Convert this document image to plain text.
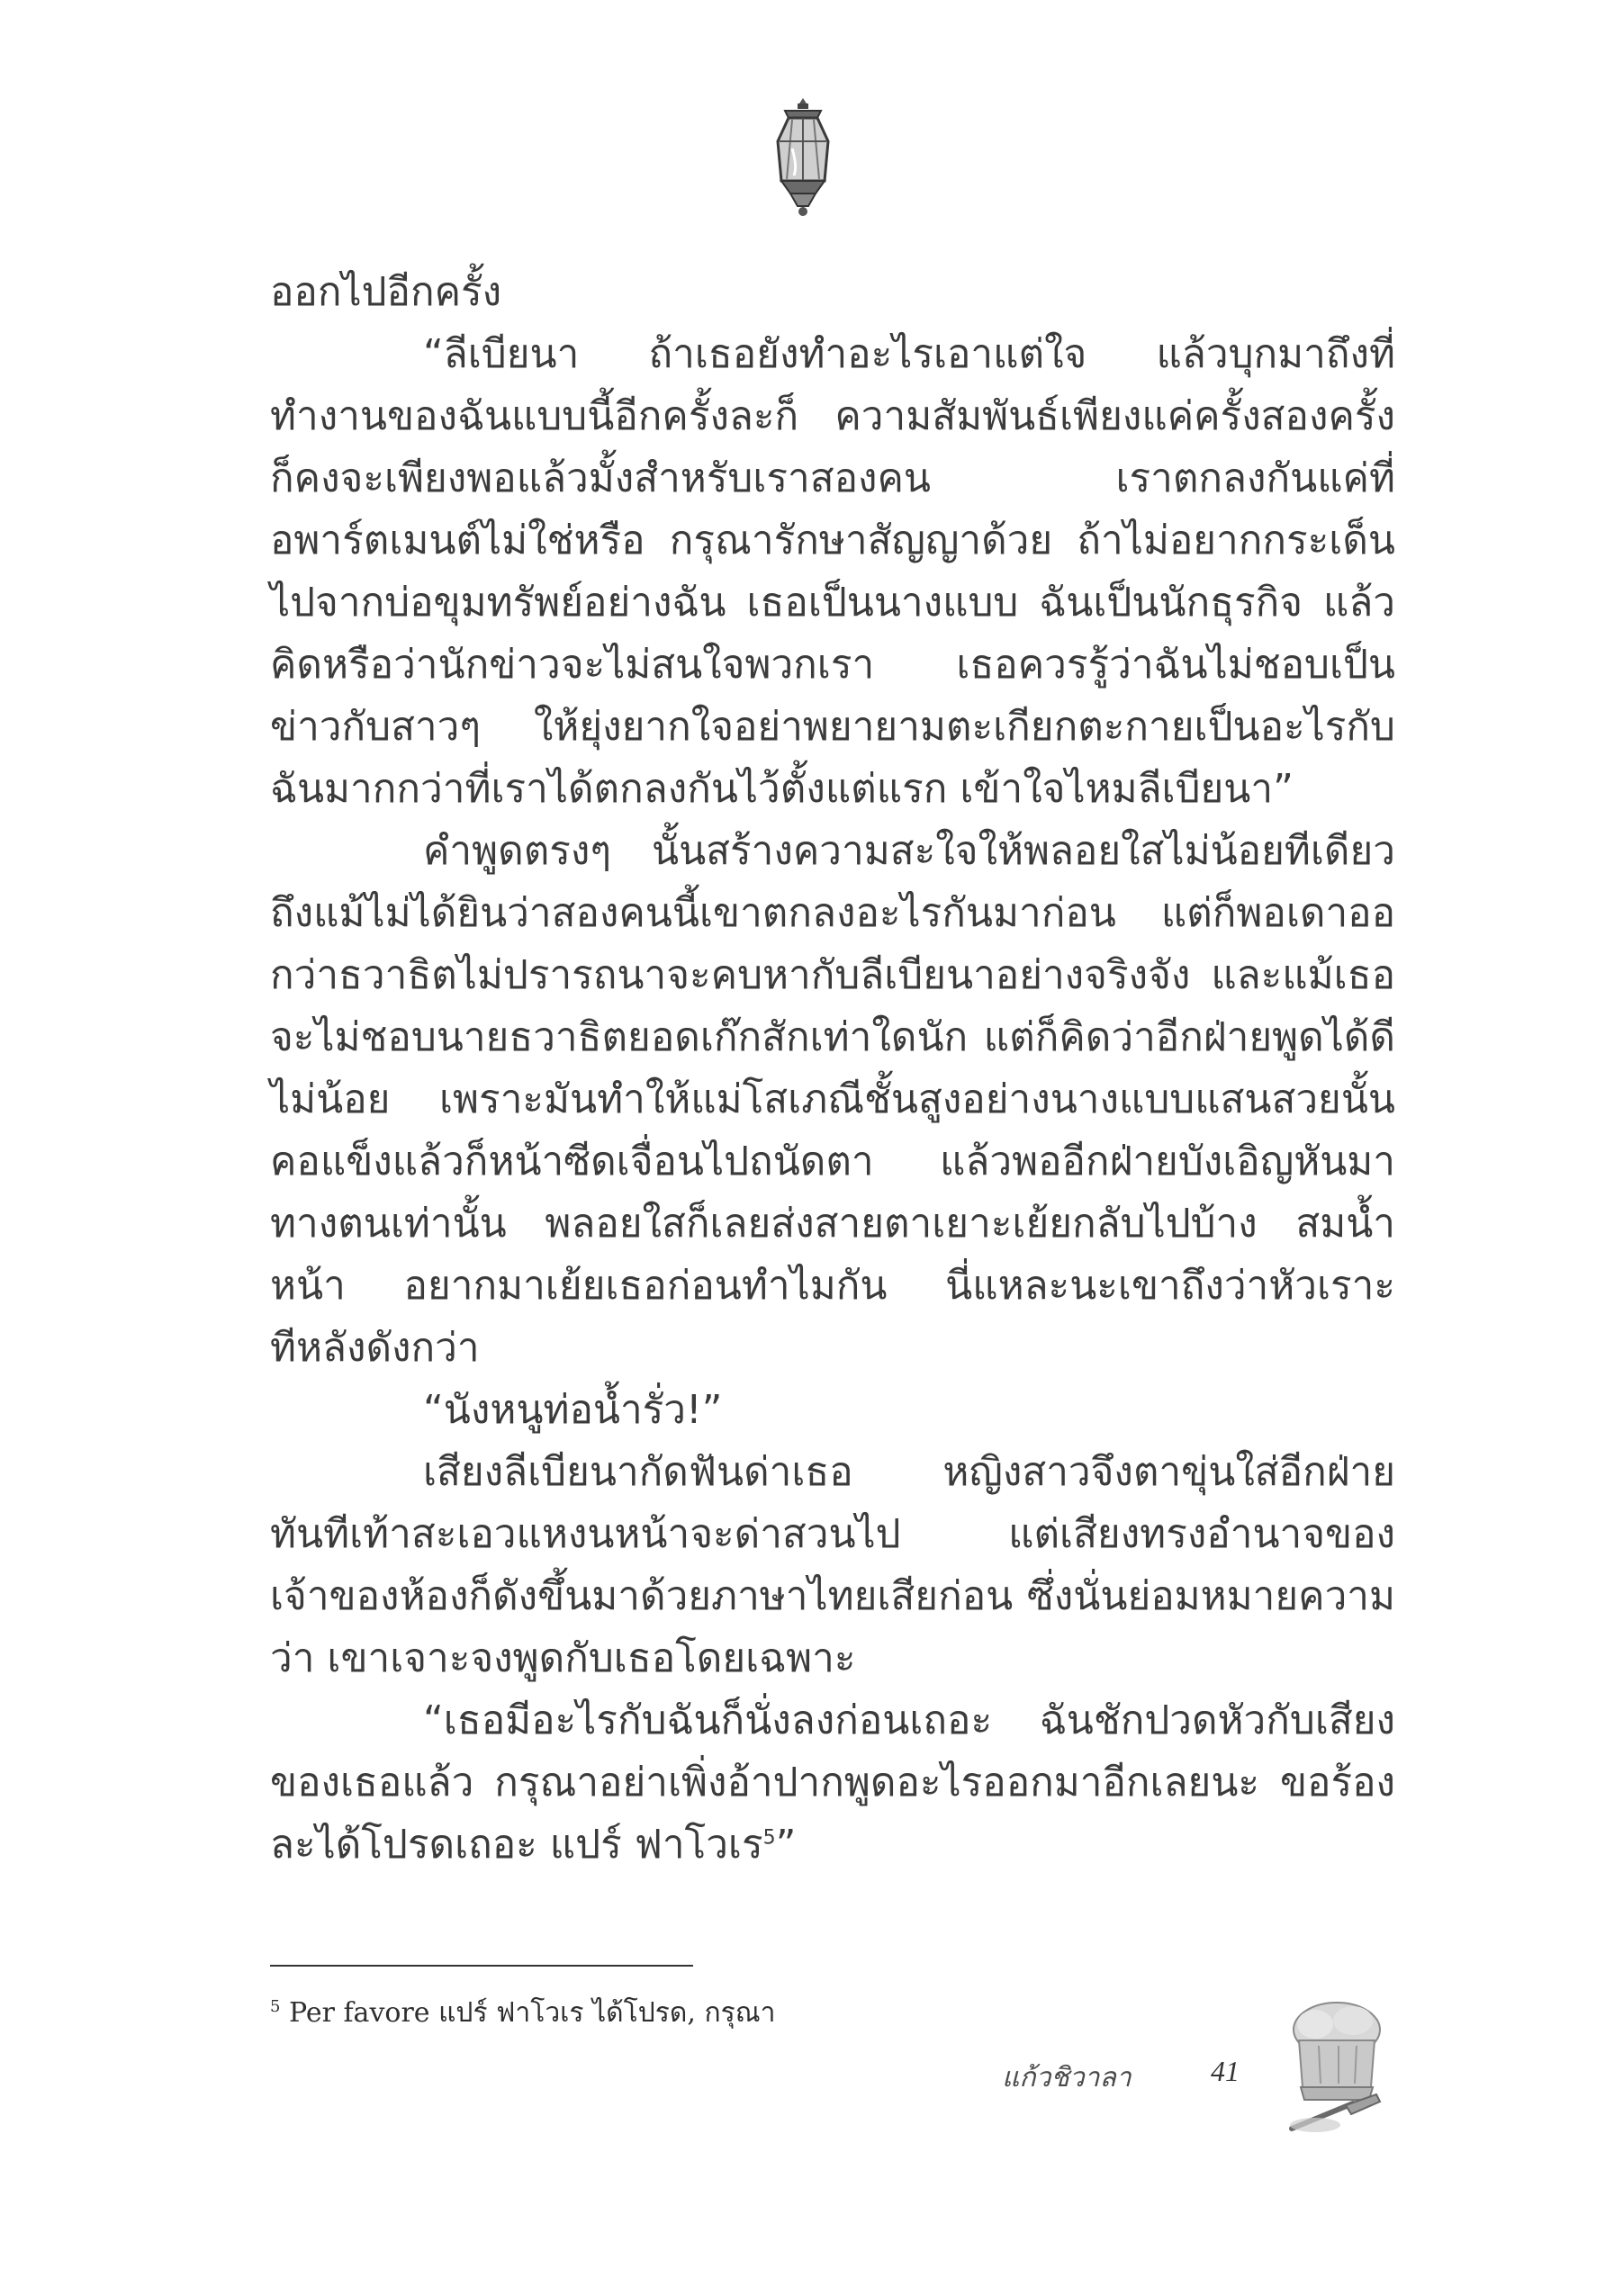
ออกไปอีกครั้ง

“ลีเบียนา ถ้าเธอยังทำอะไรเอาแต่ใจ แล้วบุกมาถึงที่ทำงานของฉันแบบนี้อีกครั้งละก็ ความสัมพันธ์เพียงแค่ครั้งสองครั้งก็คงจะเพียงพอแล้วมั้งสำหรับเราสองคน เราตกลงกันแค่ที่อพาร์ตเมนต์ไม่ใช่หรือ กรุณารักษาสัญญาด้วย ถ้าไม่อยากกระเด็นไปจากบ่อขุมทรัพย์อย่างฉัน เธอเป็นนางแบบ ฉันเป็นนักธุรกิจ แล้วคิดหรือว่านักข่าวจะไม่สนใจพวกเรา เธอควรรู้ว่าฉันไม่ชอบเป็นข่าวกับสาวๆ ให้ยุ่งยากใจอย่าพยายามตะเกียกตะกายเป็นอะไรกับฉันมากกว่าที่เราได้ตกลงกันไว้ตั้งแต่แรก เข้าใจไหมลีเบียนา”

คำพูดตรงๆ นั้นสร้างความสะใจให้พลอยใสไม่น้อยทีเดียว ถึงแม้ไม่ได้ยินว่าสองคนนี้เขาตกลงอะไรกันมาก่อน แต่ก็พอเดาออกว่าธวาธิตไม่ปรารถนาจะคบหากับลีเบียนาอย่างจริงจัง และแม้เธอจะไม่ชอบนายธวาธิตยอดเก๊กสักเท่าใดนัก แต่ก็คิดว่าอีกฝ่ายพูดได้ดีไม่น้อย เพราะมันทำให้แม่โสเภณีชั้นสูงอย่างนางแบบแสนสวยนั้นคอแข็งแล้วก็หน้าซีดเจื่อนไปถนัดตา แล้วพออีกฝ่ายบังเอิญหันมาทางตนเท่านั้น พลอยใสก็เลยส่งสายตาเยาะเย้ยกลับไปบ้าง สมน้ำหน้า อยากมาเย้ยเธอก่อนทำไมกัน นี่แหละนะเขาถึงว่าหัวเราะทีหลังดังกว่า

“นังหนูท่อน้ำรั่ว!”

เสียงลีเบียนากัดฟันด่าเธอ หญิงสาวจึงตาขุ่นใส่อีกฝ่ายทันทีเท้าสะเอวแหงนหน้าจะด่าสวนไป แต่เสียงทรงอำนาจของเจ้าของห้องก็ดังขึ้นมาด้วยภาษาไทยเสียก่อน ซึ่งนั่นย่อมหมายความว่า เขาเจาะจงพูดกับเธอโดยเฉพาะ

“เธอมีอะไรกับฉันก็นั่งลงก่อนเถอะ ฉันชักปวดหัวกับเสียงของเธอแล้ว กรุณาอย่าเพิ่งอ้าปากพูดอะไรออกมาอีกเลยนะ ขอร้องละได้โปรดเถอะ แปร์ ฟาโวเร$^5$”

$^5$ Per favore แปร์ ฟาโวเร ได้โปรด, กรุณา
แก้วชิวาลา	41
